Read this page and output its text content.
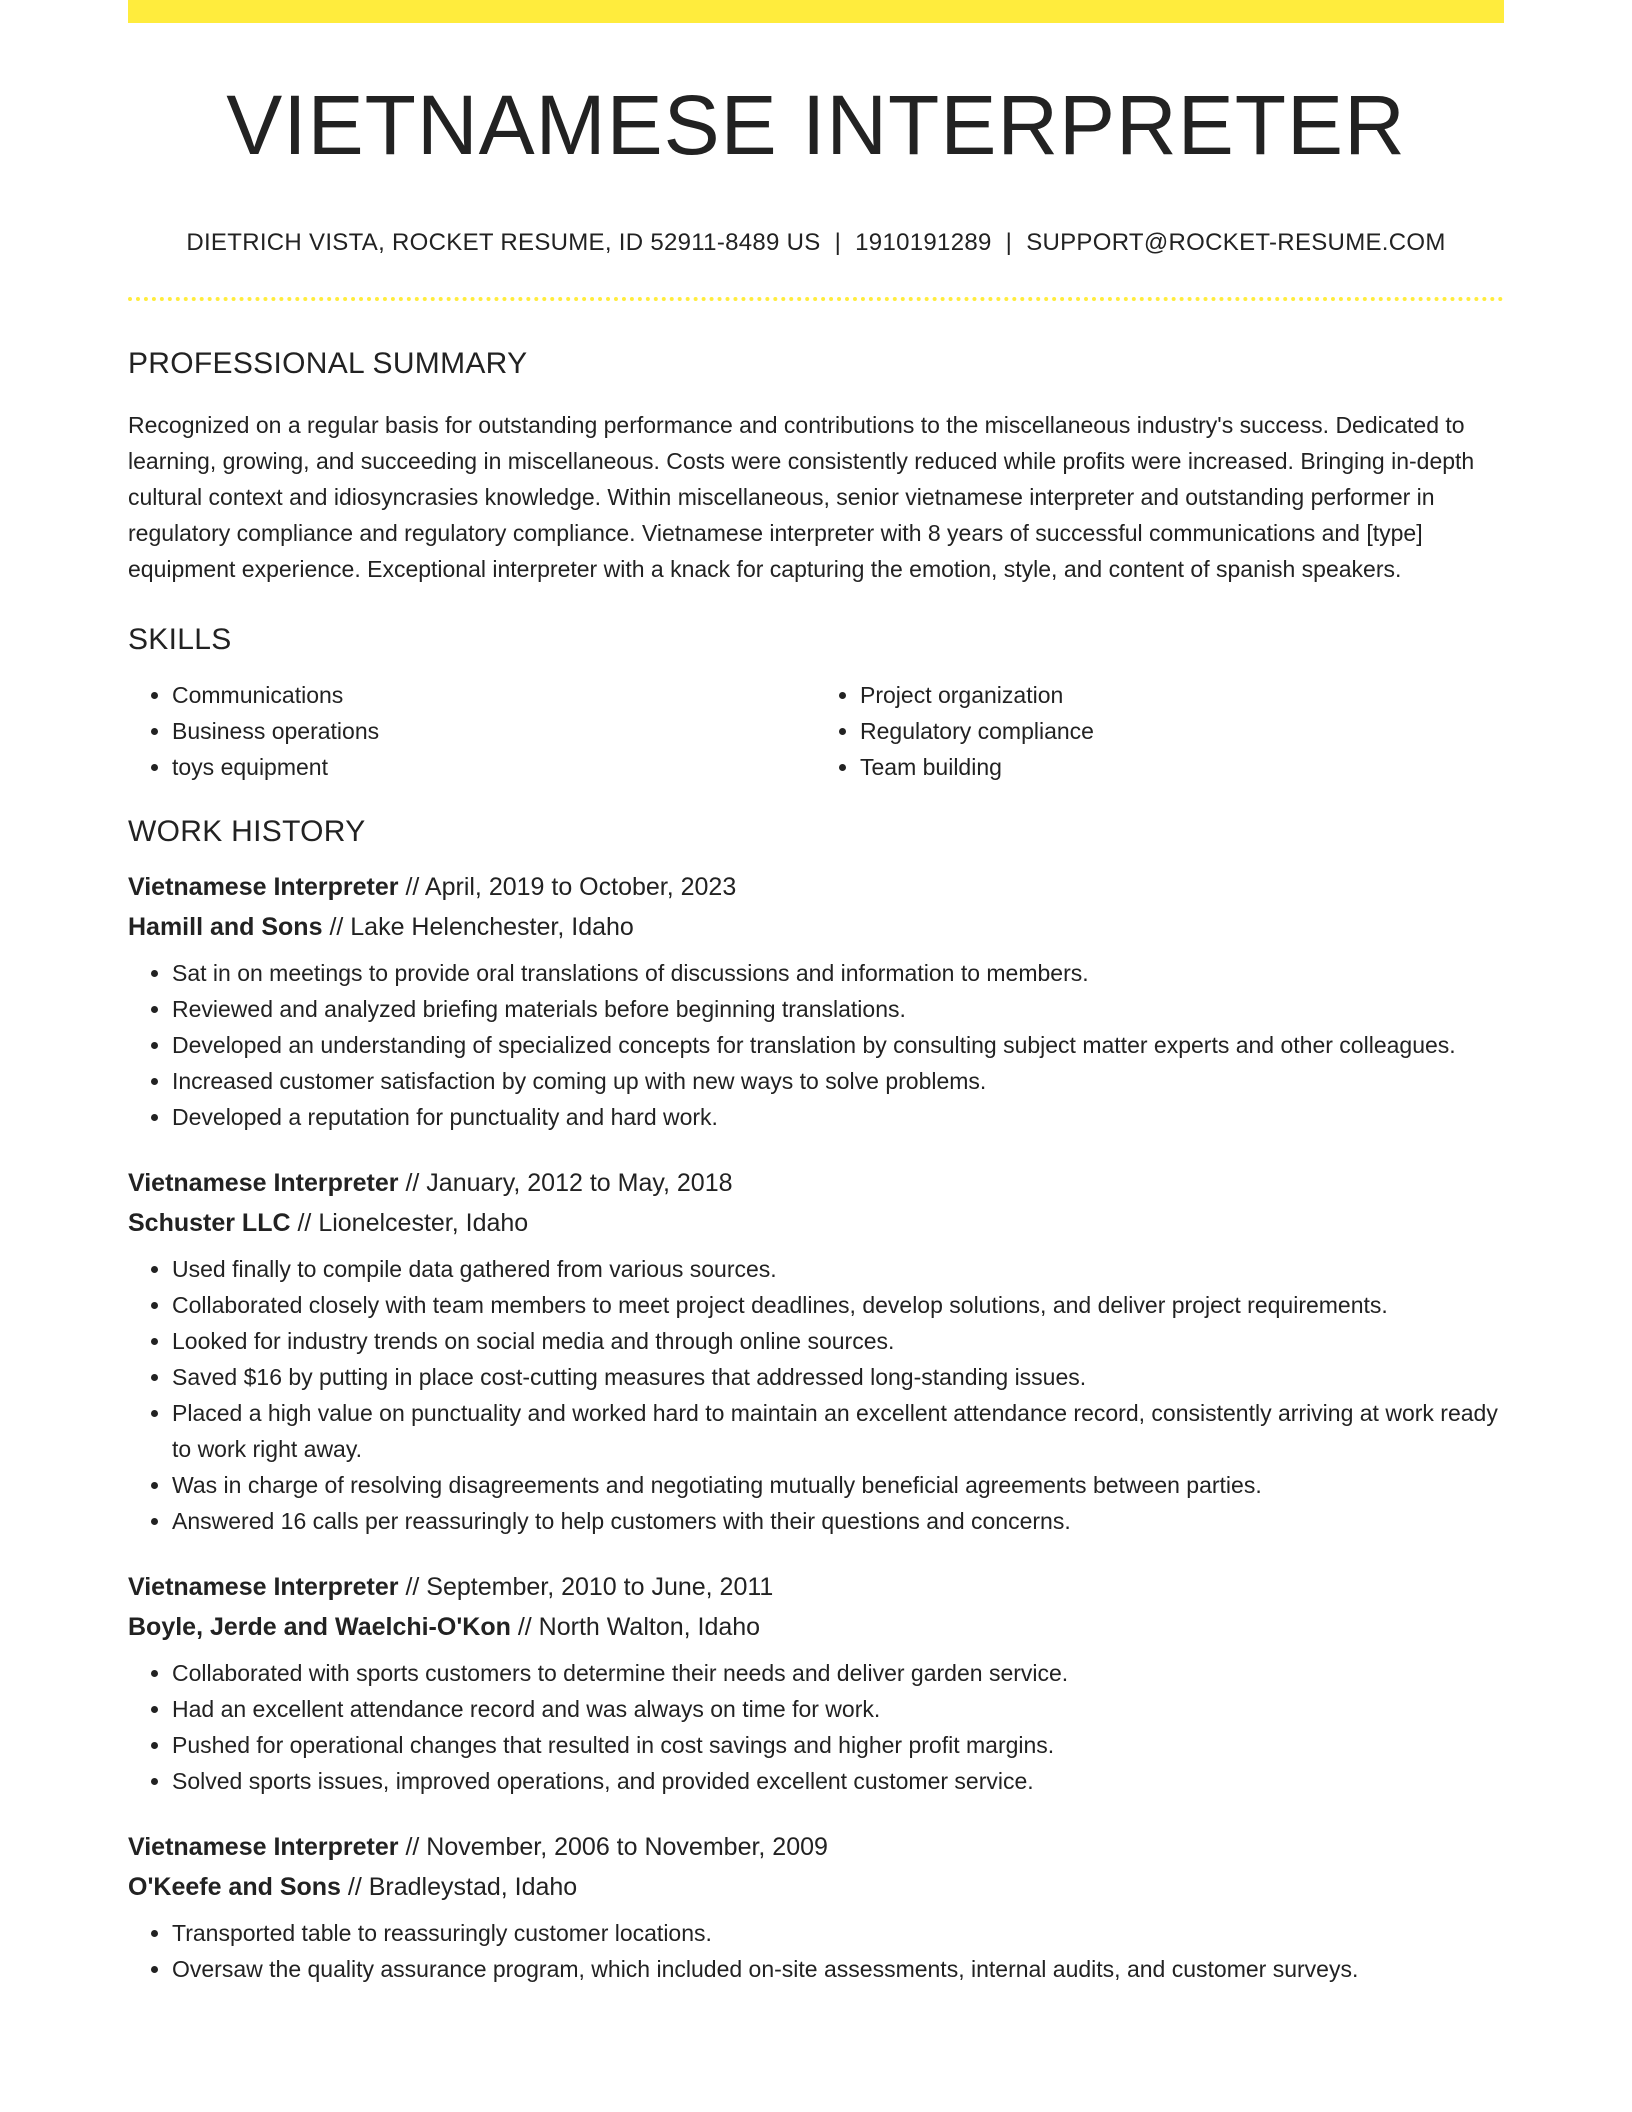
VIETNAMESE INTERPRETER
DIETRICH VISTA, ROCKET RESUME, ID 52911-8489 US | 1910191289 | SUPPORT@ROCKET-RESUME.COM
PROFESSIONAL SUMMARY

Recognized on a regular basis for outstanding performance and contributions to the miscellaneous industry's success. Dedicated to learning, growing, and succeeding in miscellaneous. Costs were consistently reduced while profits were increased. Bringing in-depth cultural context and idiosyncrasies knowledge. Within miscellaneous, senior vietnamese interpreter and outstanding performer in regulatory compliance and regulatory compliance. Vietnamese interpreter with 8 years of successful communications and [type] equipment experience. Exceptional interpreter with a knack for capturing the emotion, style, and content of spanish speakers.

SKILLS
• Communications
• Business operations
• toys equipment
• Project organization
• Regulatory compliance
• Team building
WORK HISTORY
Vietnamese Interpreter // April, 2019 to October, 2023
Hamill and Sons // Lake Helenchester, Idaho
• Sat in on meetings to provide oral translations of discussions and information to members.
• Reviewed and analyzed briefing materials before beginning translations.
• Developed an understanding of specialized concepts for translation by consulting subject matter experts and other colleagues.
• Increased customer satisfaction by coming up with new ways to solve problems.
• Developed a reputation for punctuality and hard work.
Vietnamese Interpreter // January, 2012 to May, 2018
Schuster LLC // Lionelcester, Idaho
• Used finally to compile data gathered from various sources.
• Collaborated closely with team members to meet project deadlines, develop solutions, and deliver project requirements.
• Looked for industry trends on social media and through online sources.
• Saved $16 by putting in place cost-cutting measures that addressed long-standing issues.
• Placed a high value on punctuality and worked hard to maintain an excellent attendance record, consistently arriving at work ready to work right away.
• Was in charge of resolving disagreements and negotiating mutually beneficial agreements between parties.
• Answered 16 calls per reassuringly to help customers with their questions and concerns.
Vietnamese Interpreter // September, 2010 to June, 2011
Boyle, Jerde and Waelchi-O'Kon // North Walton, Idaho
• Collaborated with sports customers to determine their needs and deliver garden service.
• Had an excellent attendance record and was always on time for work.
• Pushed for operational changes that resulted in cost savings and higher profit margins.
• Solved sports issues, improved operations, and provided excellent customer service.
Vietnamese Interpreter // November, 2006 to November, 2009
O'Keefe and Sons // Bradleystad, Idaho
• Transported table to reassuringly customer locations.
• Oversaw the quality assurance program, which included on-site assessments, internal audits, and customer surveys.
